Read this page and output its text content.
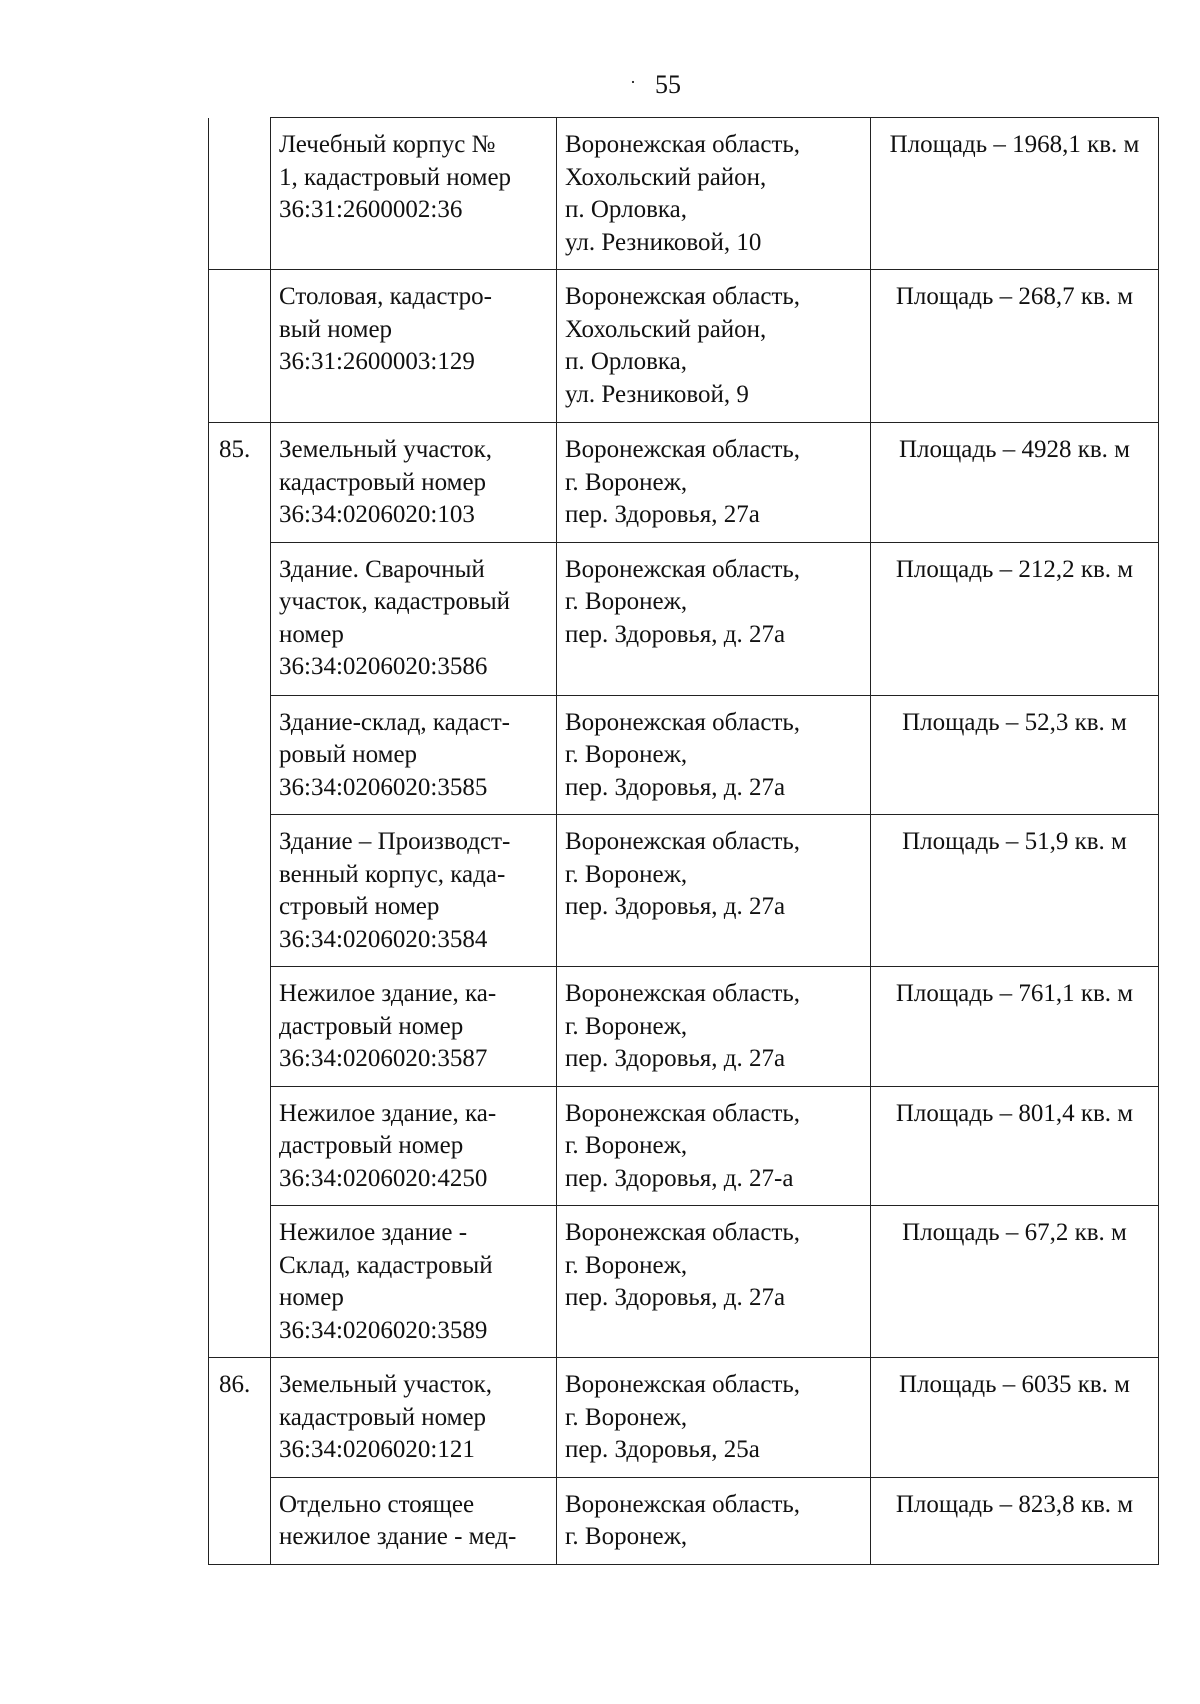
· 55
	Лечебный корпус №
1, кадастровый номер
36:31:2600002:36	Воронежская область,
Хохольский район,
п. Орловка,
ул. Резниковой, 10	Площадь – 1968,1 кв. м
	Столовая, кадастро-
вый номер
36:31:2600003:129	Воронежская область,
Хохольский район,
п. Орловка,
ул. Резниковой, 9	Площадь – 268,7 кв. м
85.	Земельный участок,
кадастровый номер
36:34:0206020:103	Воронежская область,
г. Воронеж,
пер. Здоровья, 27а	Площадь – 4928 кв. м
	Здание. Сварочный
участок, кадастровый
номер
36:34:0206020:3586	Воронежская область,
г. Воронеж,
пер. Здоровья, д. 27а	Площадь – 212,2 кв. м
	Здание-склад, кадаст-
ровый номер
36:34:0206020:3585	Воронежская область,
г. Воронеж,
пер. Здоровья, д. 27а	Площадь – 52,3 кв. м
	Здание – Производст-
венный корпус, када-
стровый номер
36:34:0206020:3584	Воронежская область,
г. Воронеж,
пер. Здоровья, д. 27а	Площадь – 51,9 кв. м
	Нежилое здание, ка-
дастровый номер
36:34:0206020:3587	Воронежская область,
г. Воронеж,
пер. Здоровья, д. 27а	Площадь – 761,1 кв. м
	Нежилое здание, ка-
дастровый номер
36:34:0206020:4250	Воронежская область,
г. Воронеж,
пер. Здоровья, д. 27-а	Площадь – 801,4 кв. м
	Нежилое здание -
Склад, кадастровый
номер
36:34:0206020:3589	Воронежская область,
г. Воронеж,
пер. Здоровья, д. 27а	Площадь – 67,2 кв. м
86.	Земельный участок,
кадастровый номер
36:34:0206020:121	Воронежская область,
г. Воронеж,
пер. Здоровья, 25а	Площадь – 6035 кв. м
	Отдельно стоящее
нежилое здание - мед-	Воронежская область,
г. Воронеж,	Площадь – 823,8 кв. м
